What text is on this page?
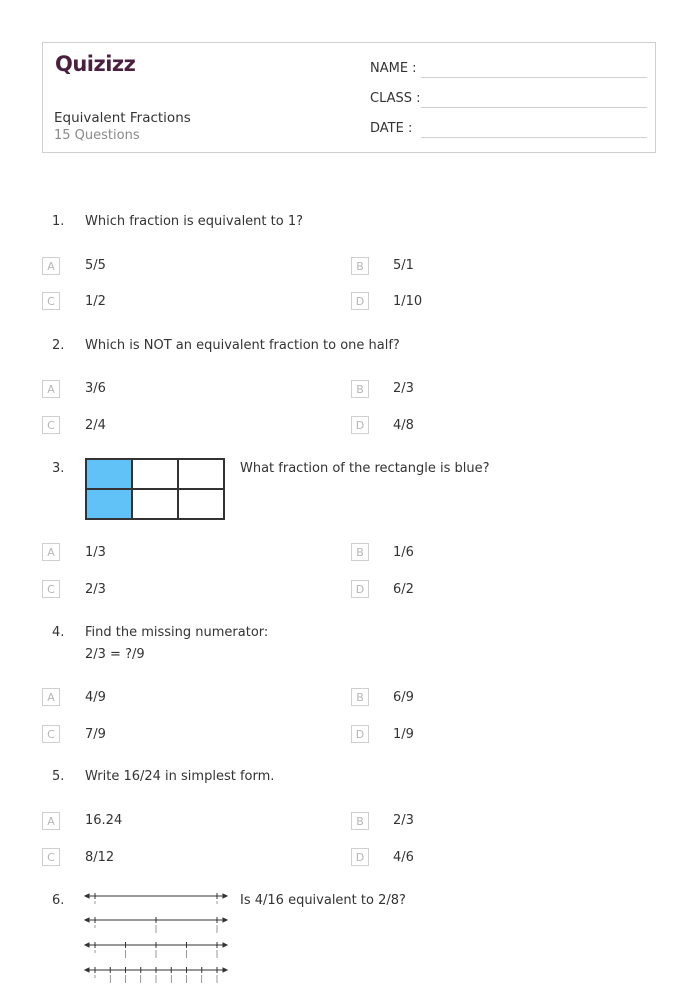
Quizizz
Equivalent Fractions
15 Questions
NAME :
CLASS :
DATE :
1. Which fraction is equivalent to 1?
A	5/5	B	5/1
C	1/2	D	1/10
2. Which is NOT an equivalent fraction to one half?
A	3/6	B	2/3
C	2/4	D	4/8
3.	What fraction of the rectangle is blue?
A	1/3	B	1/6
C	2/3	D	6/2
4. Find the missing numerator:
2/3 = ?/9
A	4/9	B	6/9
C	7/9	D	1/9
5. Write 16/24 in simplest form.
A	16.24	B	2/3
C	8/12	D	4/6
6.	Is 4/16 equivalent to 2/8?
